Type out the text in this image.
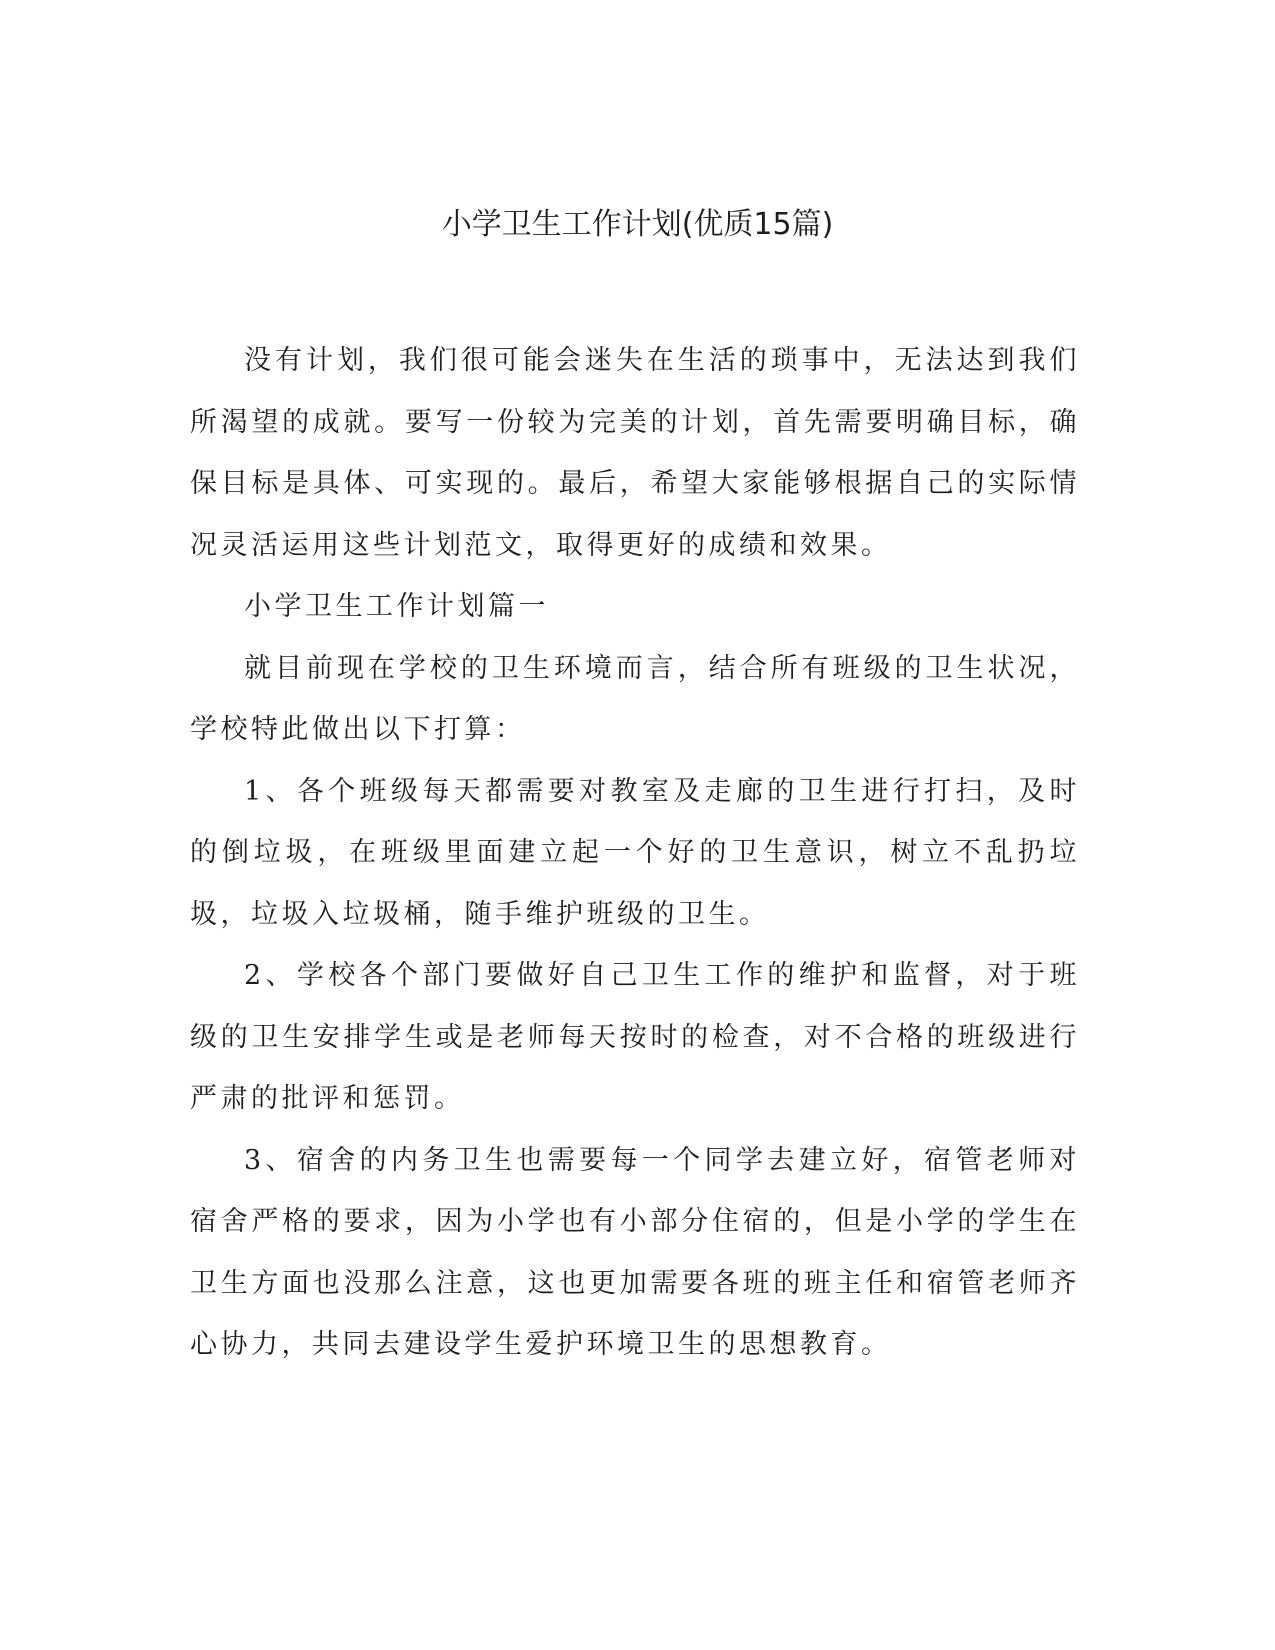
小学卫生工作计划(优质15篇)

没有计划，我们很可能会迷失在生活的琐事中，无法达到我们所渴望的成就。要写一份较为完美的计划，首先需要明确目标，确保目标是具体、可实现的。最后，希望大家能够根据自己的实际情况灵活运用这些计划范文，取得更好的成绩和效果。

小学卫生工作计划篇一

就目前现在学校的卫生环境而言，结合所有班级的卫生状况，学校特此做出以下打算：

1、各个班级每天都需要对教室及走廊的卫生进行打扫，及时的倒垃圾，在班级里面建立起一个好的卫生意识，树立不乱扔垃圾，垃圾入垃圾桶，随手维护班级的卫生。

2、学校各个部门要做好自己卫生工作的维护和监督，对于班级的卫生安排学生或是老师每天按时的检查，对不合格的班级进行严肃的批评和惩罚。

3、宿舍的内务卫生也需要每一个同学去建立好，宿管老师对宿舍严格的要求，因为小学也有小部分住宿的，但是小学的学生在卫生方面也没那么注意，这也更加需要各班的班主任和宿管老师齐心协力，共同去建设学生爱护环境卫生的思想教育。
